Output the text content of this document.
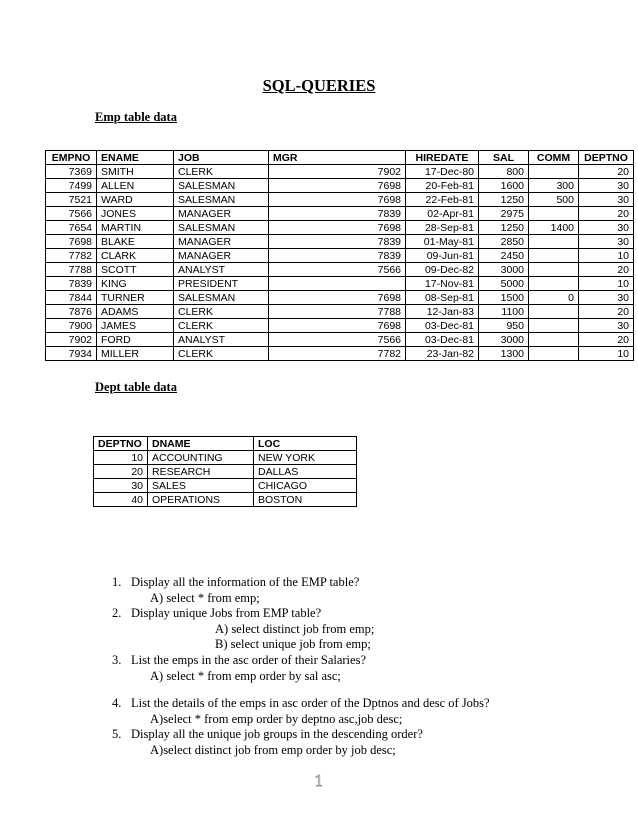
SQL-QUERIES
Emp table data
EMPNO	ENAME	JOB	MGR	HIREDATE	SAL	COMM	DEPTNO
7369	SMITH	CLERK	7902	17-Dec-80	800		20
7499	ALLEN	SALESMAN	7698	20-Feb-81	1600	300	30
7521	WARD	SALESMAN	7698	22-Feb-81	1250	500	30
7566	JONES	MANAGER	7839	02-Apr-81	2975		20
7654	MARTIN	SALESMAN	7698	28-Sep-81	1250	1400	30
7698	BLAKE	MANAGER	7839	01-May-81	2850		30
7782	CLARK	MANAGER	7839	09-Jun-81	2450		10
7788	SCOTT	ANALYST	7566	09-Dec-82	3000		20
7839	KING	PRESIDENT		17-Nov-81	5000		10
7844	TURNER	SALESMAN	7698	08-Sep-81	1500	0	30
7876	ADAMS	CLERK	7788	12-Jan-83	1100		20
7900	JAMES	CLERK	7698	03-Dec-81	950		30
7902	FORD	ANALYST	7566	03-Dec-81	3000		20
7934	MILLER	CLERK	7782	23-Jan-82	1300		10
Dept table data
DEPTNO	DNAME	LOC
10	ACCOUNTING	NEW YORK
20	RESEARCH	DALLAS
30	SALES	CHICAGO
40	OPERATIONS	BOSTON
1. Display all the information of the EMP table?
A) select * from emp;
2. Display unique Jobs from EMP table?
A) select distinct job from emp;
B) select unique job from emp;
3. List the emps in the asc order of their Salaries?
A) select * from emp order by sal asc;
4. List the details of the emps in asc order of the Dptnos and desc of Jobs?
A)select * from emp order by deptno asc,job desc;
5. Display all the unique job groups in the descending order?
A)select distinct job from emp order by job desc;
1
